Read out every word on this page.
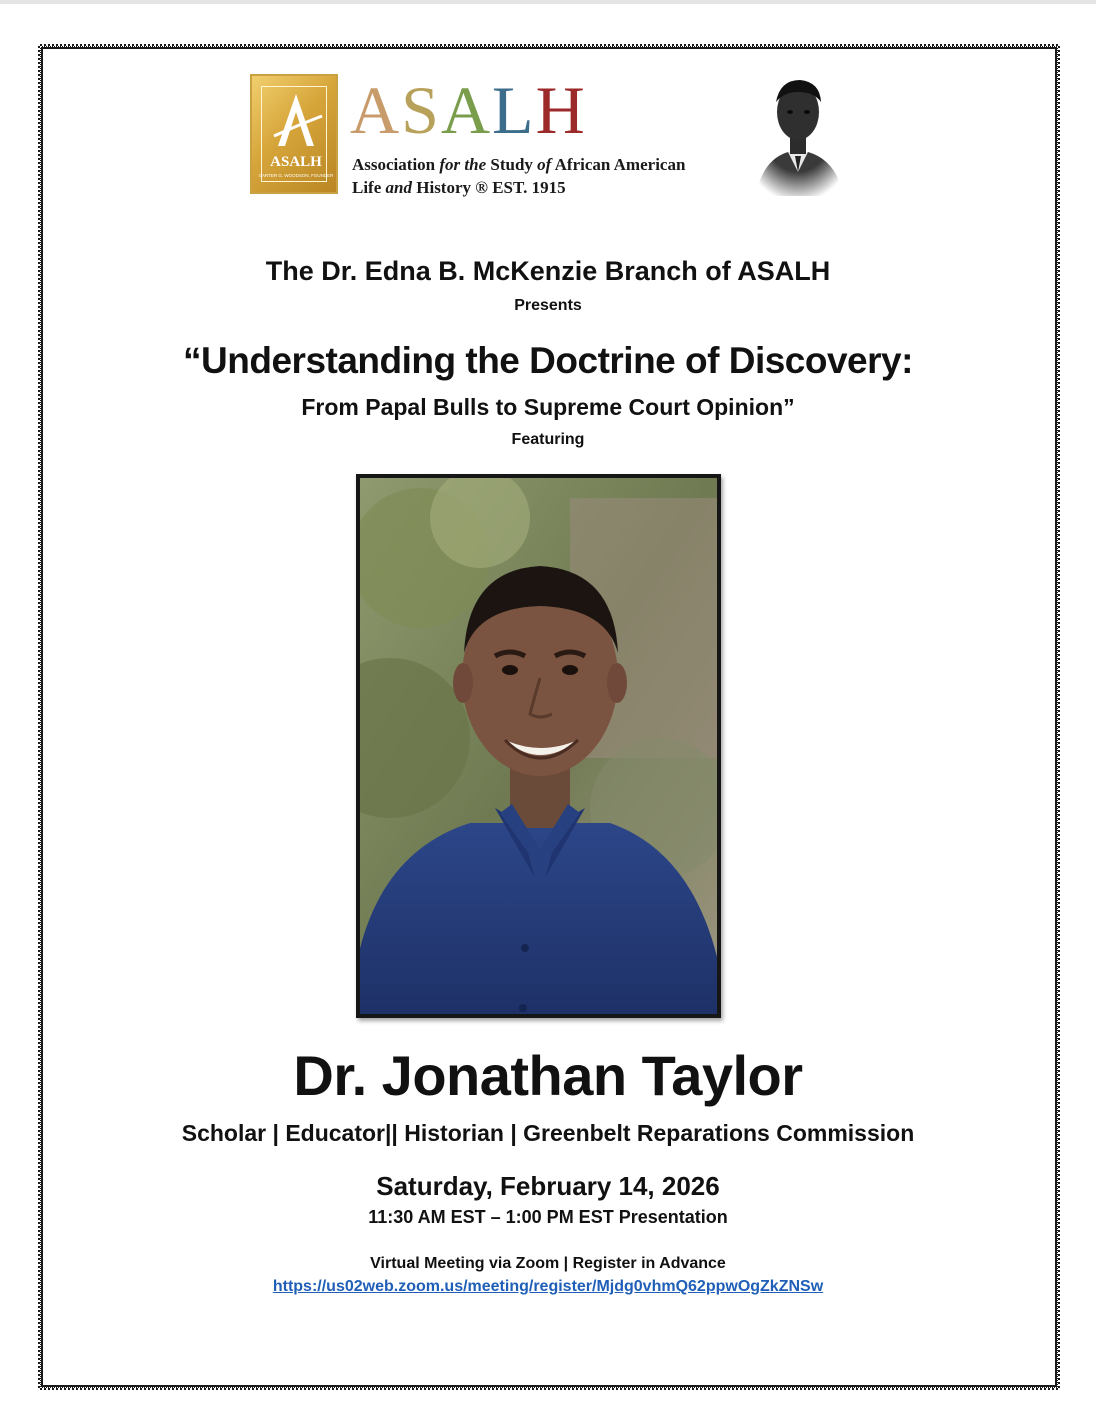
ASALH
CARTER G. WOODSON, FOUNDER
ASALH
Association for the Study of African American
Life and History ® EST. 1915
The Dr. Edna B. McKenzie Branch of ASALH
Presents
“Understanding the Doctrine of Discovery:
From Papal Bulls to Supreme Court Opinion”
Featuring
Dr. Jonathan Taylor
Scholar | Educator|| Historian | Greenbelt Reparations Commission
Saturday, February 14, 2026
11:30 AM EST – 1:00 PM EST Presentation
Virtual Meeting via Zoom | Register in Advance
https://us02web.zoom.us/meeting/register/Mjdg0vhmQ62ppwOgZkZNSw
